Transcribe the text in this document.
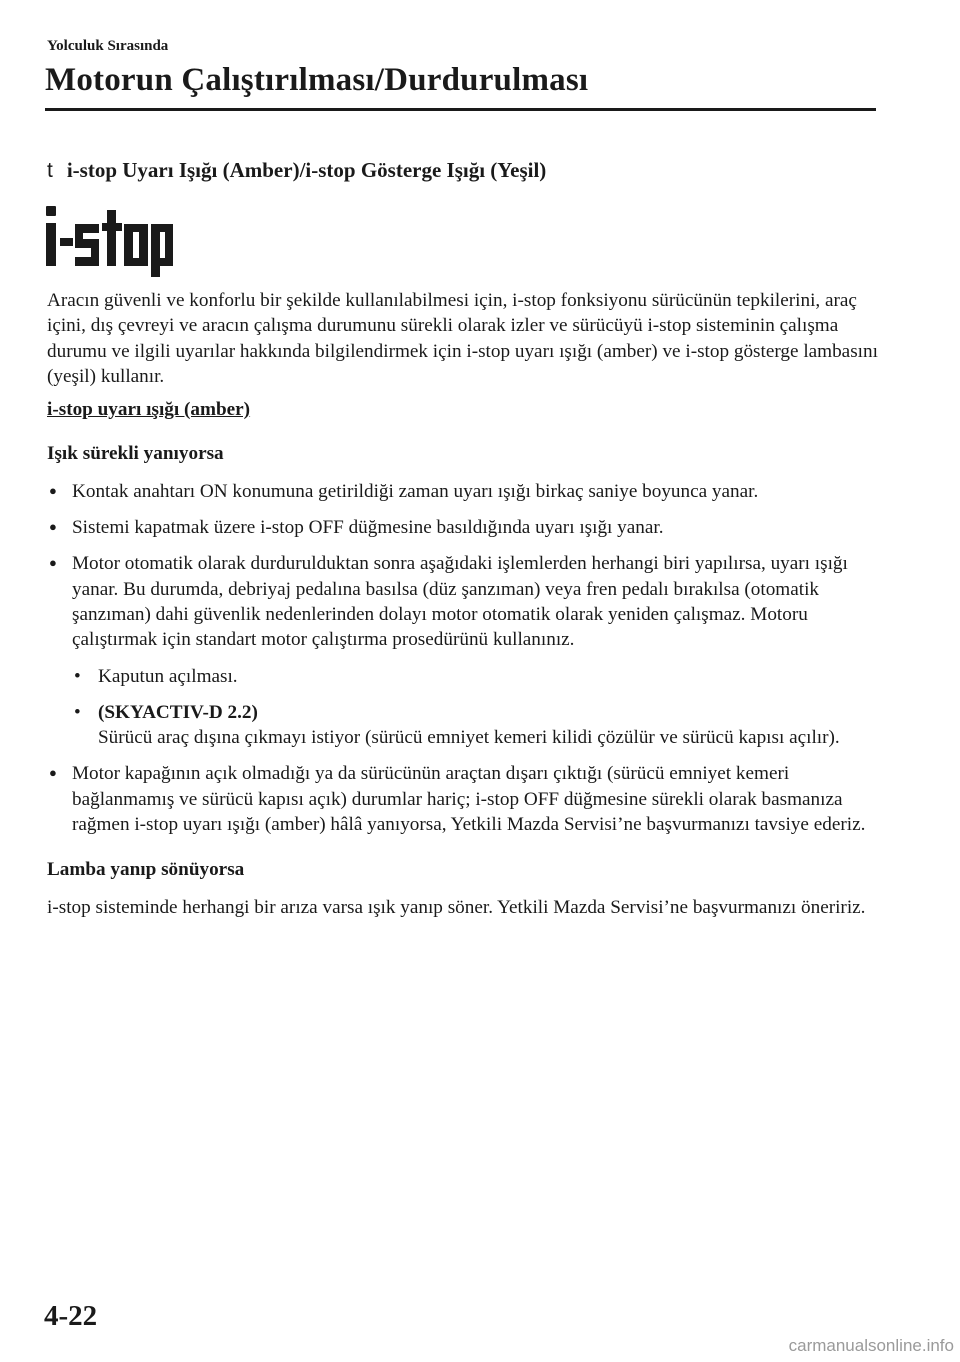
Yolculuk Sırasında
Motorun Çalıştırılması/Durdurulması
t i-stop Uyarı Işığı (Amber)/i-stop Gösterge Işığı (Yeşil)

Aracın güvenli ve konforlu bir şekilde kullanılabilmesi için, i-stop fonksiyonu sürücünün tepkilerini, araç içini, dış çevreyi ve aracın çalışma durumunu sürekli olarak izler ve sürücüyü i-stop sisteminin çalışma durumu ve ilgili uyarılar hakkında bilgilendirmek için i-stop uyarı ışığı (amber) ve i-stop gösterge lambasını (yeşil) kullanır.

i-stop uyarı ışığı (amber)

Işık sürekli yanıyorsa

● Kontak anahtarı ON konumuna getirildiği zaman uyarı ışığı birkaç saniye boyunca yanar.
● Sistemi kapatmak üzere i-stop OFF düğmesine basıldığında uyarı ışığı yanar.
● Motor otomatik olarak durdurulduktan sonra aşağıdaki işlemlerden herhangi biri yapılırsa, uyarı ışığı yanar. Bu durumda, debriyaj pedalına basılsa (düz şanzıman) veya fren pedalı bırakılsa (otomatik şanzıman) dahi güvenlik nedenlerinden dolayı motor otomatik olarak yeniden çalışmaz. Motoru çalıştırmak için standart motor çalıştırma prosedürünü kullanınız.
• Kaputun açılması.
• (SKYACTIV-D 2.2)
Sürücü araç dışına çıkmayı istiyor (sürücü emniyet kemeri kilidi çözülür ve sürücü kapısı açılır).
● Motor kapağının açık olmadığı ya da sürücünün araçtan dışarı çıktığı (sürücü emniyet kemeri bağlanmamış ve sürücü kapısı açık) durumlar hariç; i-stop OFF düğmesine sürekli olarak basmanıza rağmen i-stop uyarı ışığı (amber) hâlâ yanıyorsa, Yetkili Mazda Servisi’ne başvurmanızı tavsiye ederiz.

Lamba yanıp sönüyorsa

i-stop sisteminde herhangi bir arıza varsa ışık yanıp söner. Yetkili Mazda Servisi’ne başvurmanızı öneririz.

4-22
carmanualsonline.info
